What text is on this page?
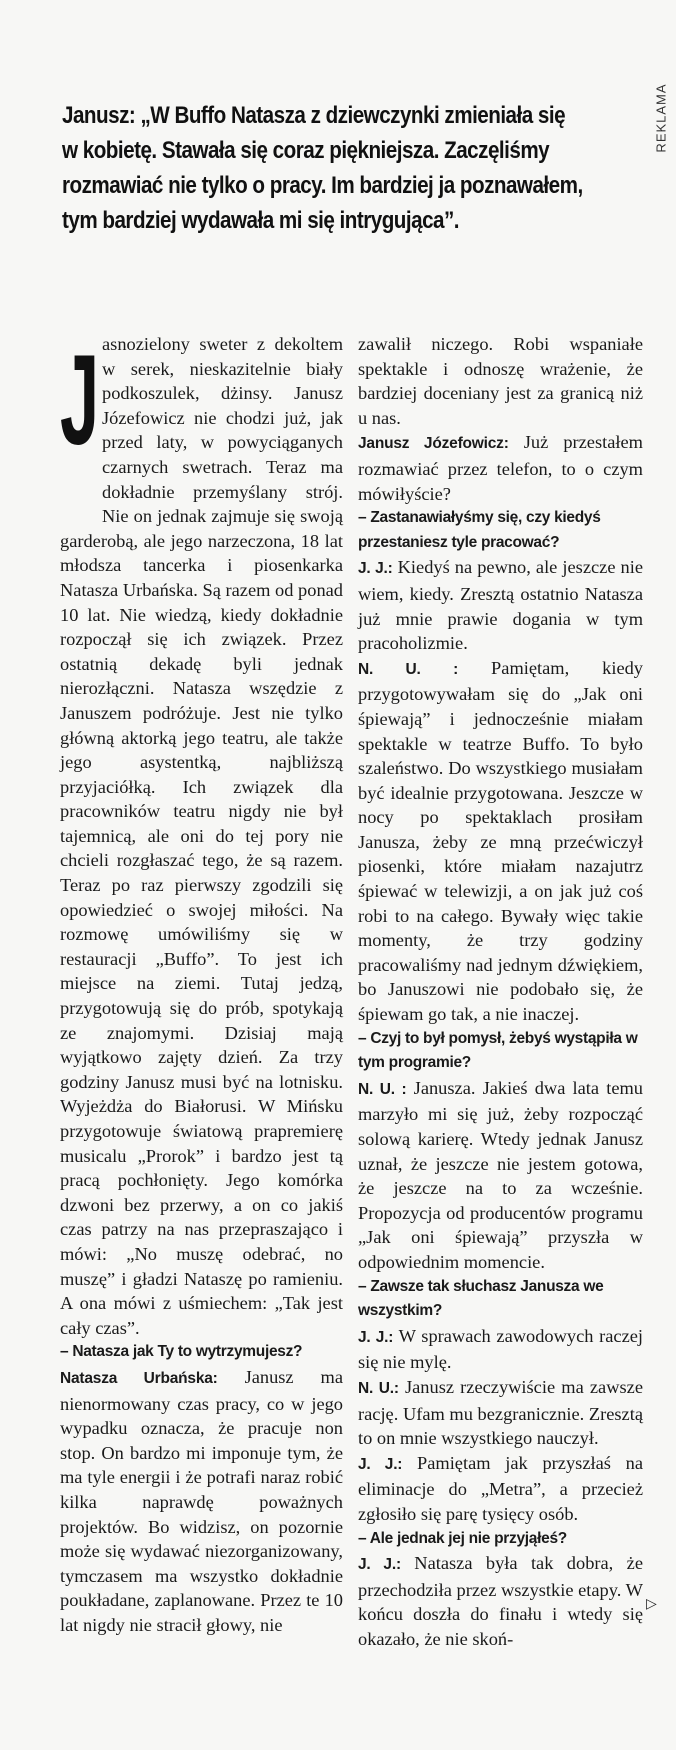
REKLAMA
Janusz: „W Buffo Natasza z dziewczynki zmieniała się
w kobietę. Stawała się coraz piękniejsza. Zaczęliśmy
rozmawiać nie tylko o pracy. Im bardziej ja poznawałem,
tym bardziej wydawała mi się intrygująca”.

Jasnozielony sweter z dekoltem w serek, nieskazitelnie biały podkoszulek, dżinsy. Janusz Józefowicz nie chodzi już, jak przed laty, w powyciąganych czarnych swetrach. Teraz ma dokładnie przemyślany strój. Nie on jednak zajmuje się swoją garderobą, ale jego narzeczona, 18 lat młodsza tancerka i piosenkarka Natasza Urbańska. Są razem od ponad 10 lat. Nie wiedzą, kiedy dokładnie rozpoczął się ich związek. Przez ostatnią dekadę byli jednak nierozłączni. Natasza wszędzie z Januszem podróżuje. Jest nie tylko główną aktorką jego teatru, ale także jego asystentką, najbliższą przyjaciółką. Ich związek dla pracowników teatru nigdy nie był tajemnicą, ale oni do tej pory nie chcieli rozgłaszać tego, że są razem. Teraz po raz pierwszy zgodzili się opowiedzieć o swojej miłości. Na rozmowę umówiliśmy się w restauracji „Buffo”. To jest ich miejsce na ziemi. Tutaj jedzą, przygotowują się do prób, spotykają ze znajomymi. Dzisiaj mają wyjątkowo zajęty dzień. Za trzy godziny Janusz musi być na lotnisku. Wyjeżdża do Białorusi. W Mińsku przygotowuje światową prapremierę musicalu „Prorok” i bardzo jest tą pracą pochłonięty. Jego komórka dzwoni bez przerwy, a on co jakiś czas patrzy na nas przepraszająco i mówi: „No muszę odebrać, no muszę” i gładzi Nataszę po ramieniu. A ona mówi z uśmiechem: „Tak jest cały czas”.

– Natasza jak Ty to wytrzymujesz?

Natasza Urbańska: Janusz ma nienormowany czas pracy, co w jego wypadku oznacza, że pracuje non stop. On bardzo mi imponuje tym, że ma tyle energii i że potrafi naraz robić kilka naprawdę poważnych projektów. Bo widzisz, on pozornie może się wydawać niezorganizowany, tymczasem ma wszystko dokładnie poukładane, zaplanowane. Przez te 10 lat nigdy nie stracił głowy, nie

zawalił niczego. Robi wspaniałe spektakle i odnoszę wrażenie, że bardziej doceniany jest za granicą niż u nas.

Janusz Józefowicz: Już przestałem rozmawiać przez telefon, to o czym mówiłyście?

– Zastanawiałyśmy się, czy kiedyś przestaniesz tyle pracować?

J. J.: Kiedyś na pewno, ale jeszcze nie wiem, kiedy. Zresztą ostatnio Natasza już mnie prawie dogania w tym pracoholizmie.

N. U. : Pamiętam, kiedy przygotowywałam się do „Jak oni śpiewają” i jednocześnie miałam spektakle w teatrze Buffo. To było szaleństwo. Do wszystkiego musiałam być idealnie przygotowana. Jeszcze w nocy po spektaklach prosiłam Janusza, żeby ze mną przećwiczył piosenki, które miałam nazajutrz śpiewać w telewizji, a on jak już coś robi to na całego. Bywały więc takie momenty, że trzy godziny pracowaliśmy nad jednym dźwiękiem, bo Januszowi nie podobało się, że śpiewam go tak, a nie inaczej.

– Czyj to był pomysł, żebyś wystąpiła w tym programie?

N. U. : Janusza. Jakieś dwa lata temu marzyło mi się już, żeby rozpocząć solową karierę. Wtedy jednak Janusz uznał, że jeszcze nie jestem gotowa, że jeszcze na to za wcześnie. Propozycja od producentów programu „Jak oni śpiewają” przyszła w odpowiednim momencie.

– Zawsze tak słuchasz Janusza we wszystkim?

J. J.: W sprawach zawodowych raczej się nie mylę.

N. U.: Janusz rzeczywiście ma zawsze rację. Ufam mu bezgranicznie. Zresztą to on mnie wszystkiego nauczył.

J. J.: Pamiętam jak przyszłaś na eliminacje do „Metra”, a przecież zgłosiło się parę tysięcy osób.

– Ale jednak jej nie przyjąłeś?

J. J.: Natasza była tak dobra, że przechodziła przez wszystkie etapy. W końcu doszła do finału i wtedy się okazało, że nie skoń-

▷
